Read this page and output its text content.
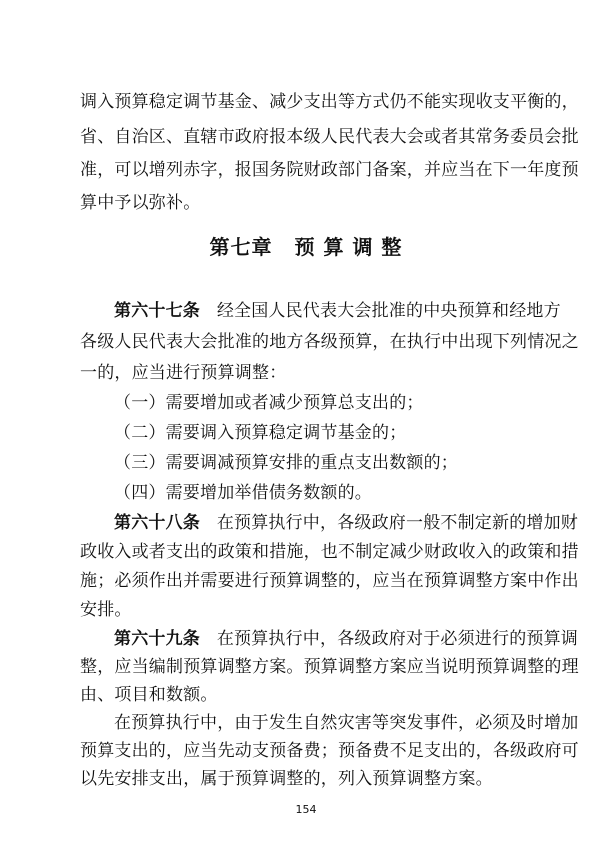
调入预算稳定调节基金、减少支出等方式仍不能实现收支平衡的，
省、自治区、直辖市政府报本级人民代表大会或者其常务委员会批
准，可以增列赤字，报国务院财政部门备案，并应当在下一年度预
算中予以弥补。
第七章 预 算 调 整
第六十七条 经全国人民代表大会批准的中央预算和经地方
各级人民代表大会批准的地方各级预算，在执行中出现下列情况之
一的，应当进行预算调整：
（一）需要增加或者减少预算总支出的；
（二）需要调入预算稳定调节基金的；
（三）需要调减预算安排的重点支出数额的；
（四）需要增加举借债务数额的。
第六十八条 在预算执行中，各级政府一般不制定新的增加财
政收入或者支出的政策和措施，也不制定减少财政收入的政策和措
施；必须作出并需要进行预算调整的，应当在预算调整方案中作出
安排。
第六十九条 在预算执行中，各级政府对于必须进行的预算调
整，应当编制预算调整方案。预算调整方案应当说明预算调整的理
由、项目和数额。
在预算执行中，由于发生自然灾害等突发事件，必须及时增加
154
预算支出的，应当先动支预备费；预备费不足支出的，各级政府可
以先安排支出，属于预算调整的，列入预算调整方案。
